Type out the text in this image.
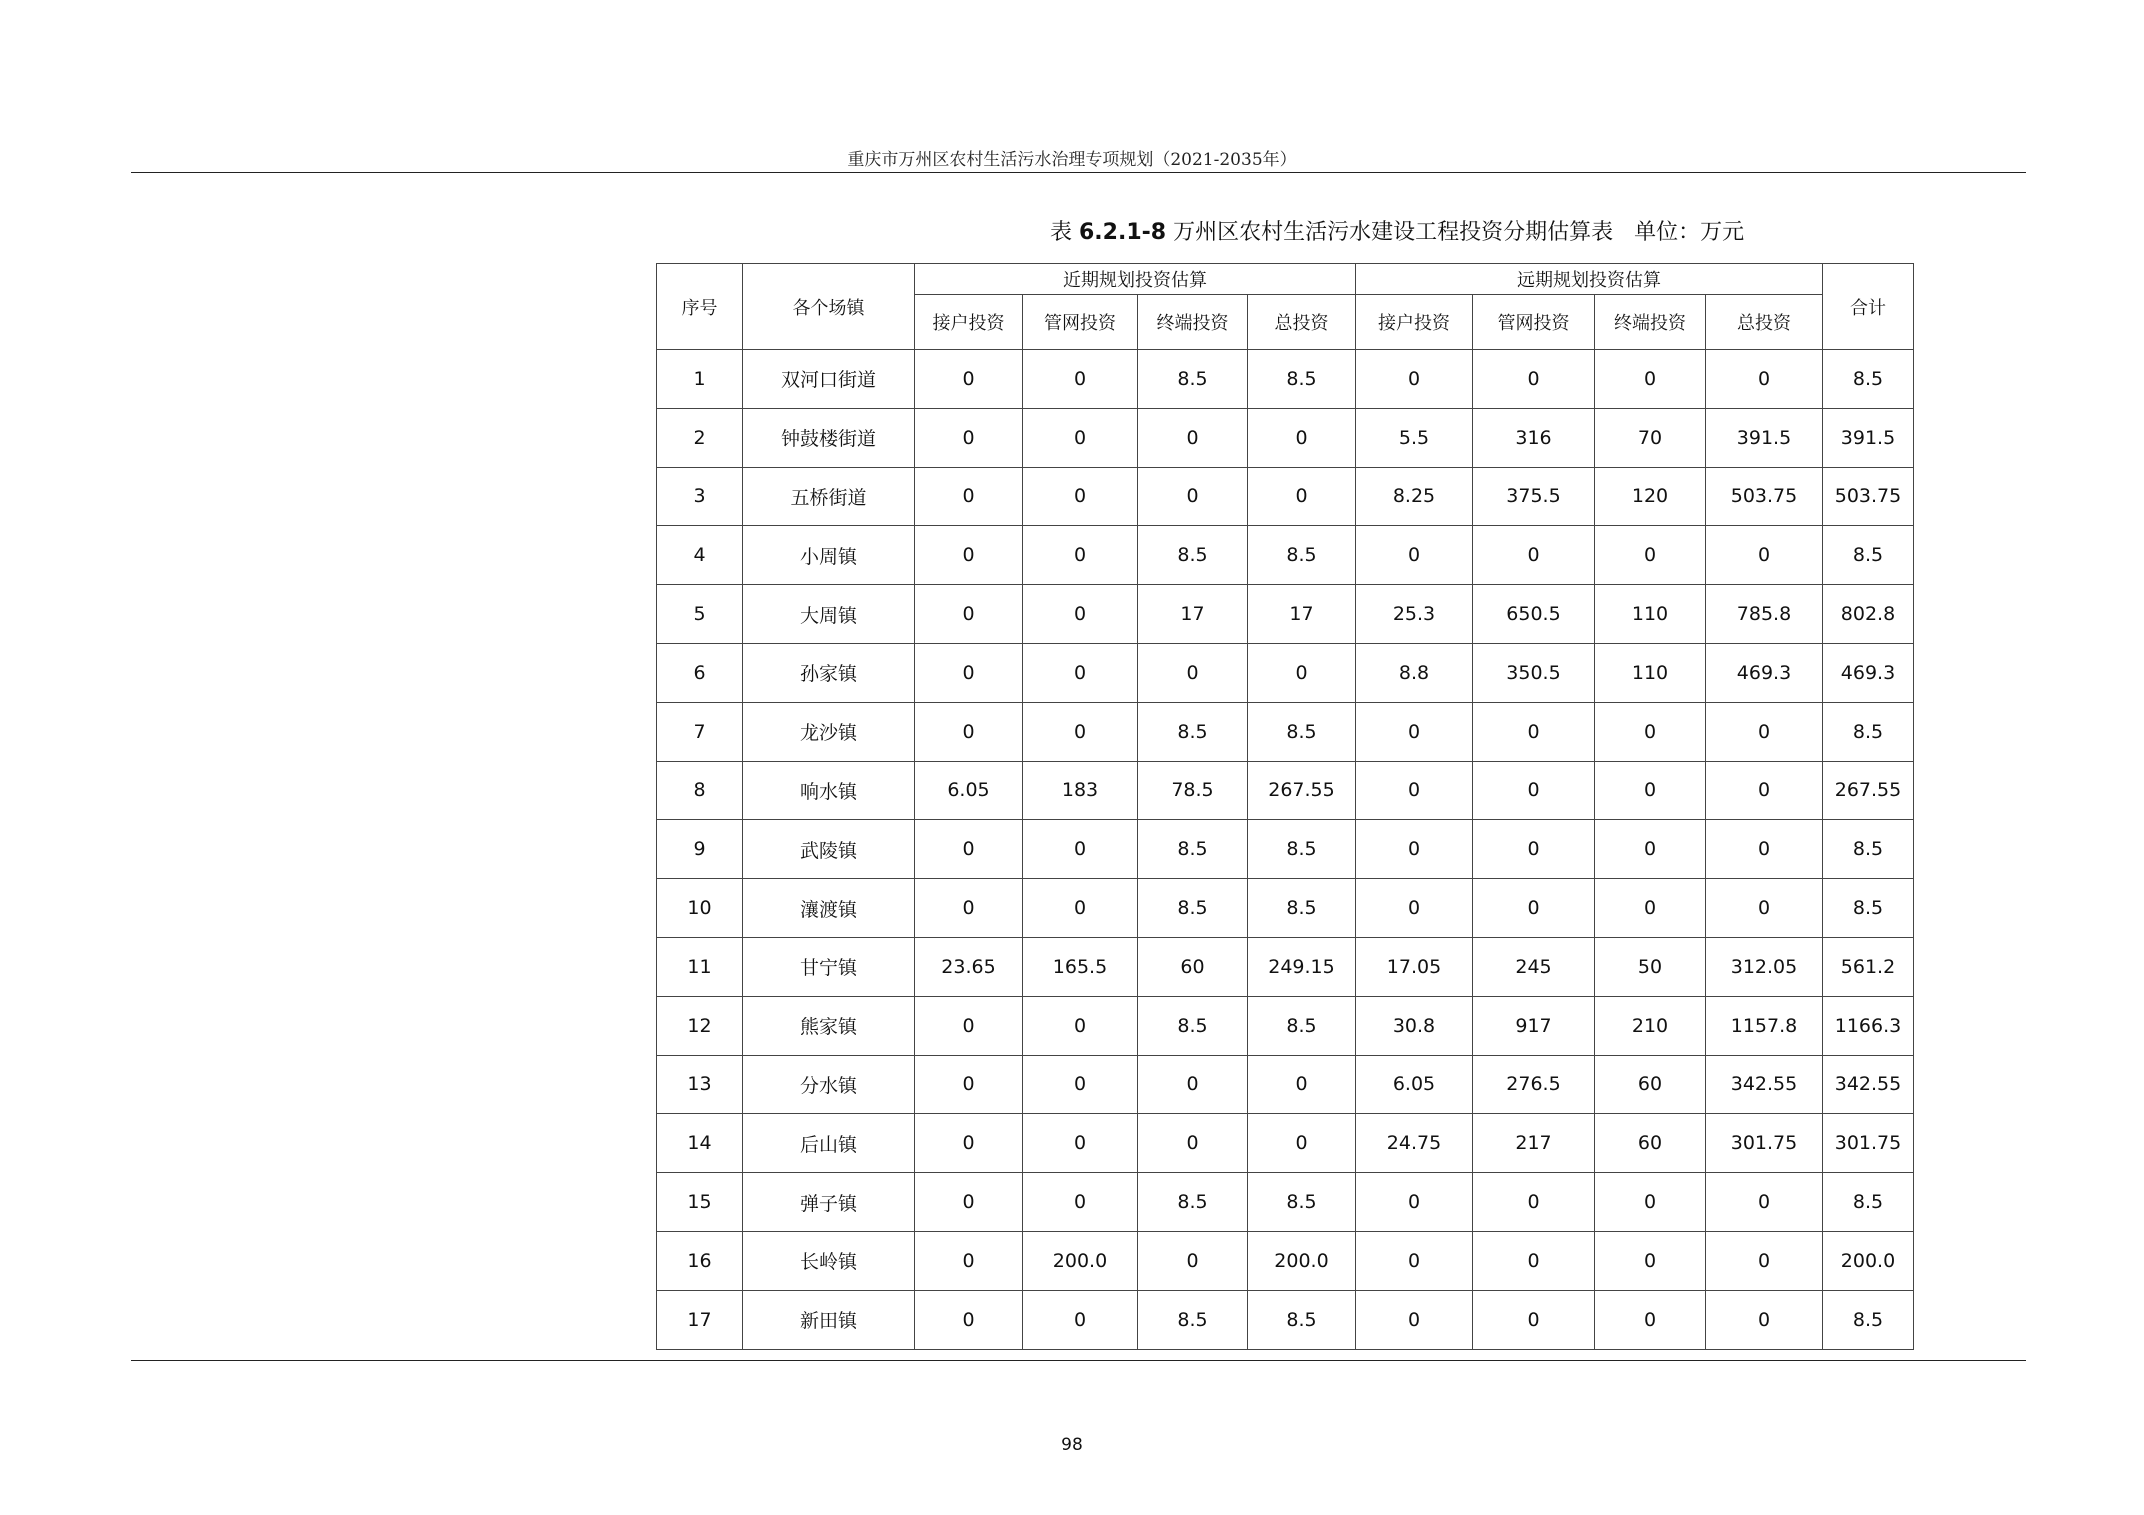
重庆市万州区农村生活污水治理专项规划（2021-2035年）
表 6.2.1-8 万州区农村生活污水建设工程投资分期估算表 单位：万元
序号	各个场镇	近期规划投资估算				远期规划投资估算				合计
		接户投资	管网投资	终端投资	总投资	接户投资	管网投资	终端投资	总投资	
1	双河口街道	0	0	8.5	8.5	0	0	0	0	8.5
2	钟鼓楼街道	0	0	0	0	5.5	316	70	391.5	391.5
3	五桥街道	0	0	0	0	8.25	375.5	120	503.75	503.75
4	小周镇	0	0	8.5	8.5	0	0	0	0	8.5
5	大周镇	0	0	17	17	25.3	650.5	110	785.8	802.8
6	孙家镇	0	0	0	0	8.8	350.5	110	469.3	469.3
7	龙沙镇	0	0	8.5	8.5	0	0	0	0	8.5
8	响水镇	6.05	183	78.5	267.55	0	0	0	0	267.55
9	武陵镇	0	0	8.5	8.5	0	0	0	0	8.5
10	瀼渡镇	0	0	8.5	8.5	0	0	0	0	8.5
11	甘宁镇	23.65	165.5	60	249.15	17.05	245	50	312.05	561.2
12	熊家镇	0	0	8.5	8.5	30.8	917	210	1157.8	1166.3
13	分水镇	0	0	0	0	6.05	276.5	60	342.55	342.55
14	后山镇	0	0	0	0	24.75	217	60	301.75	301.75
15	弹子镇	0	0	8.5	8.5	0	0	0	0	8.5
16	长岭镇	0	200.0	0	200.0	0	0	0	0	200.0
17	新田镇	0	0	8.5	8.5	0	0	0	0	8.5
98
